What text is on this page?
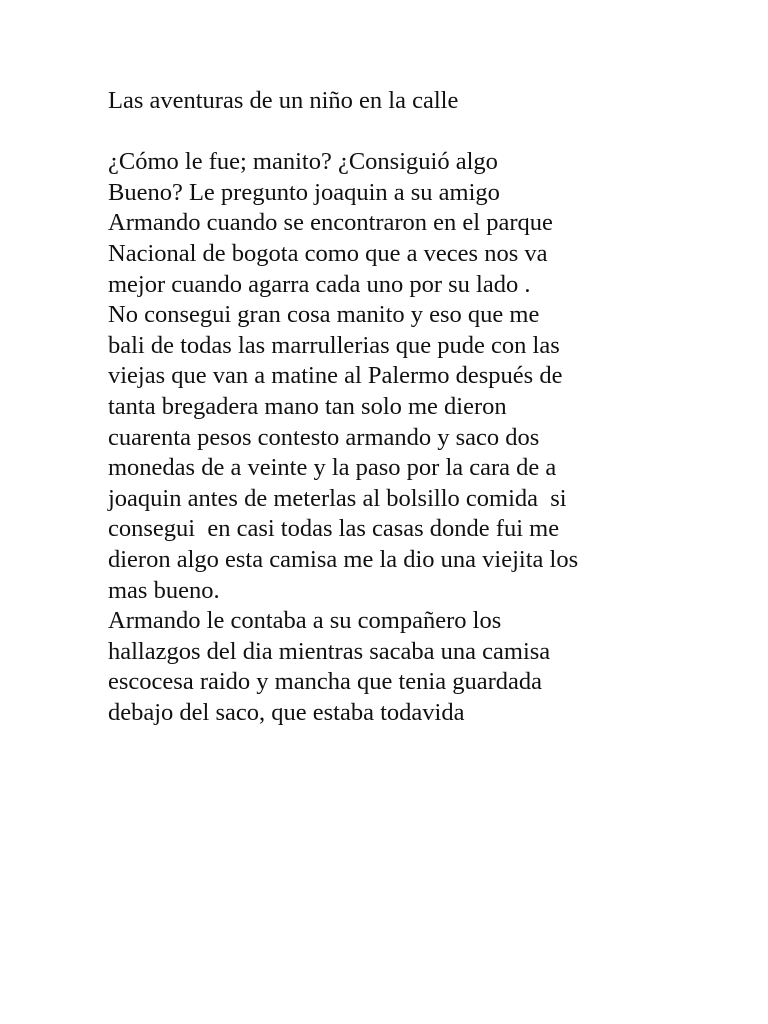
Las aventuras de un niño en la calle
¿Cómo le fue; manito? ¿Consiguió algo
Bueno? Le pregunto joaquin a su amigo
Armando cuando se encontraron en el parque
Nacional de bogota como que a veces nos va
mejor cuando agarra cada uno por su lado .
No consegui gran cosa manito y eso que me
bali de todas las marrullerias que pude con las
viejas que van a matine al Palermo después de
tanta bregadera mano tan solo me dieron
cuarenta pesos contesto armando y saco dos
monedas de a veinte y la paso por la cara de a
joaquin antes de meterlas al bolsillo comida  si
consegui  en casi todas las casas donde fui me
dieron algo esta camisa me la dio una viejita los
mas bueno.
Armando le contaba a su compañero los
hallazgos del dia mientras sacaba una camisa
escocesa raido y mancha que tenia guardada
debajo del saco, que estaba todavida
